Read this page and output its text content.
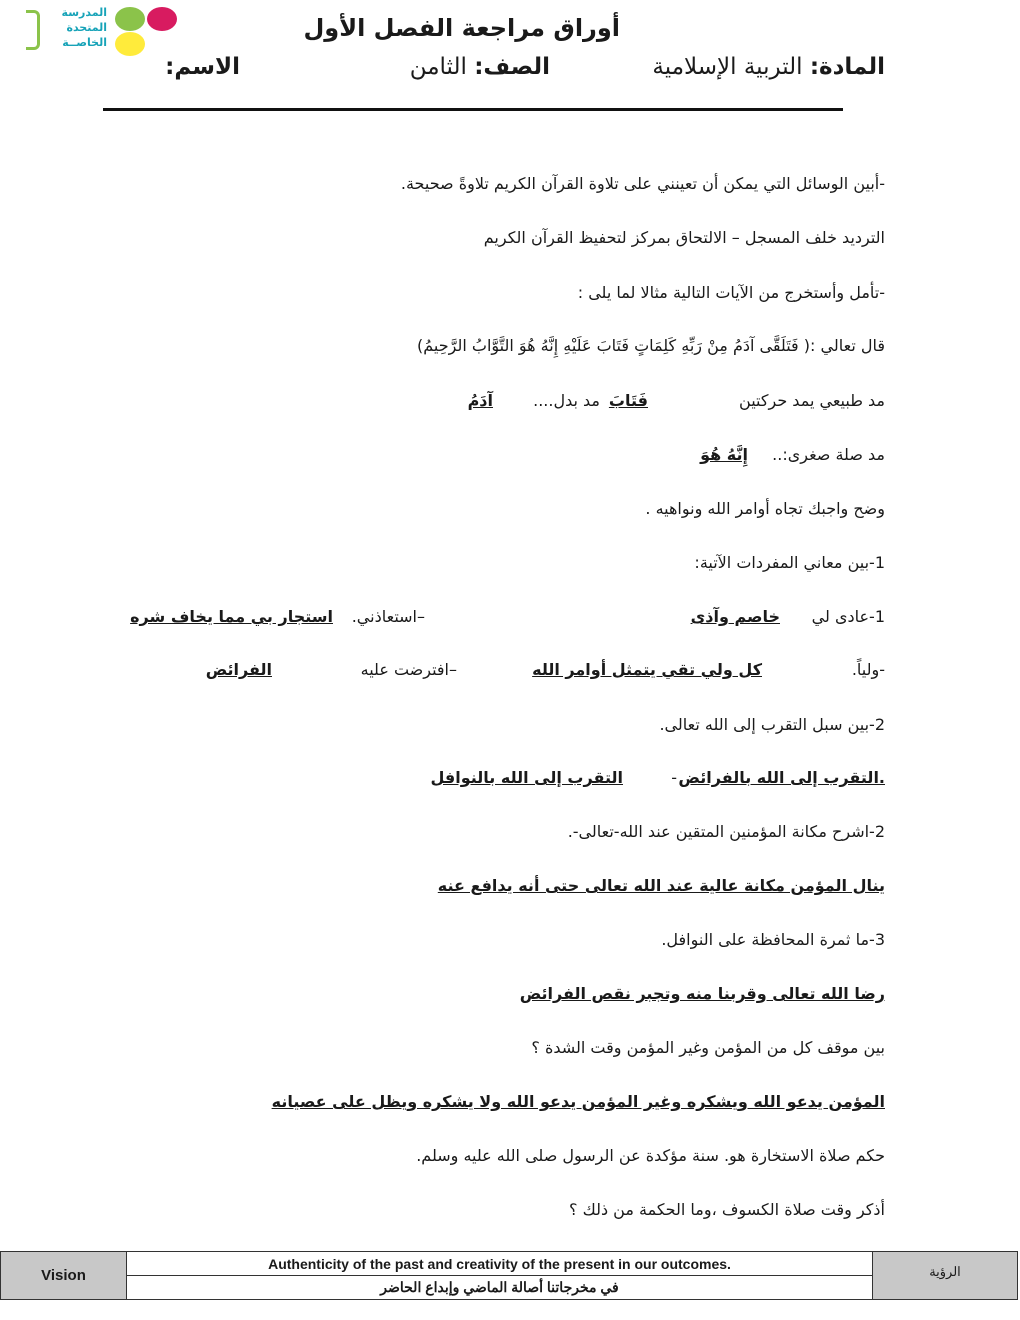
المدرسة
المتحدة
الخاصــة
أوراق مراجعة الفصل الأول
المادة: التربية الإسلامية
الصف: الثامن
الاسم:
-أبين الوسائل التي يمكن أن تعينني على تلاوة القرآن الكريم تلاوةً صحيحة.
الترديد خلف المسجل – الالتحاق بمركز لتحفيظ القرآن الكريم
-تأمل وأستخرج من الآيات التالية مثالا لما يلى :
قال تعالي :( فَتَلَقَّى آدَمُ مِنْ رَبِّهِ كَلِمَاتٍ فَتَابَ عَلَيْهِ إِنَّهُ هُوَ التَّوَّابُ الرَّحِيمُ)
مد طبيعي يمد حركتين
فَتَابَ
مد بدل....
آدَمُ
مد صلة صغرى:..
إِنَّهُ هُوَ
وضح واجبك تجاه أوامر الله ونواهيه .
1-بين معاني المفردات الآتية:
1-عادى لي
خاصم وآذى
–استعاذني.
استجار بي مما يخاف شره
-ولياً.
كل ولي تقي يتمثل أوامر الله
–افترضت عليه
الفرائض
2-بين سبل التقرب إلى الله تعالى.
.التقرب إلى الله بالفرائض
-
التقرب إلى الله بالنوافل
2-اشرح مكانة المؤمنين المتقين عند الله-تعالى-.
ينال المؤمن مكانة عالية عند الله تعالى حتى أنه يدافع عنه
3-ما ثمرة المحافظة على النوافل.
رضا الله تعالى وقربنا منه وتجبر نقص الفرائض
بين موقف كل من المؤمن وغير المؤمن وقت الشدة ؟
المؤمن يدعو الله ويشكره وغير المؤمن يدعو الله ولا يشكره ويظل على عصيانه
حكم صلاة الاستخارة هو. سنة مؤكدة عن الرسول صلى الله عليه وسلم.
أذكر وقت صلاة الكسوف ،وما الحكمة من ذلك ؟
Vision
Authenticity of the past and creativity of the present in our outcomes.
في مخرجاتنا أصالة الماضي وإبداع الحاضر
الرؤية
